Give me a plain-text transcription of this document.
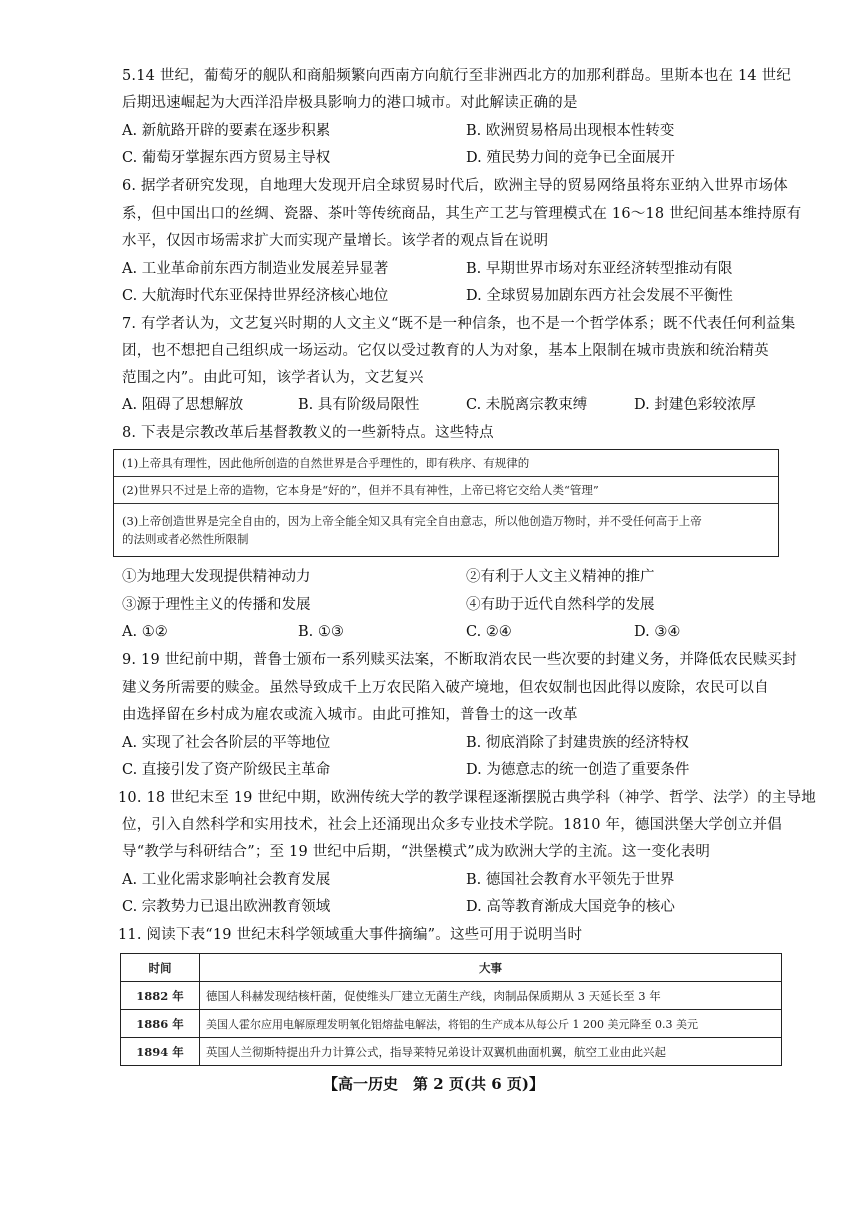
5.14 世纪，葡萄牙的舰队和商船频繁向西南方向航行至非洲西北方的加那利群岛。里斯本也在 14 世纪
后期迅速崛起为大西洋沿岸极具影响力的港口城市。对此解读正确的是
A. 新航路开辟的要素在逐步积累	B. 欧洲贸易格局出现根本性转变
C. 葡萄牙掌握东西方贸易主导权	D. 殖民势力间的竞争已全面展开
6. 据学者研究发现，自地理大发现开启全球贸易时代后，欧洲主导的贸易网络虽将东亚纳入世界市场体
系，但中国出口的丝绸、瓷器、茶叶等传统商品，其生产工艺与管理模式在 16～18 世纪间基本维持原有
水平，仅因市场需求扩大而实现产量增长。该学者的观点旨在说明
A. 工业革命前东西方制造业发展差异显著	B. 早期世界市场对东亚经济转型推动有限
C. 大航海时代东亚保持世界经济核心地位	D. 全球贸易加剧东西方社会发展不平衡性
7. 有学者认为，文艺复兴时期的人文主义“既不是一种信条，也不是一个哲学体系；既不代表任何利益集
团，也不想把自己组织成一场运动。它仅以受过教育的人为对象，基本上限制在城市贵族和统治精英
范围之内”。由此可知，该学者认为，文艺复兴
A. 阻碍了思想解放	B. 具有阶级局限性	C. 未脱离宗教束缚	D. 封建色彩较浓厚
8. 下表是宗教改革后基督教教义的一些新特点。这些特点
(1)上帝具有理性，因此他所创造的自然世界是合乎理性的，即有秩序、有规律的
(2)世界只不过是上帝的造物，它本身是“好的”，但并不具有神性，上帝已将它交给人类“管理”
(3)上帝创造世界是完全自由的，因为上帝全能全知又具有完全自由意志，所以他创造万物时，并不受任何高于上帝
的法则或者必然性所限制
①为地理大发现提供精神动力	②有利于人文主义精神的推广
③源于理性主义的传播和发展	④有助于近代自然科学的发展
A. ①②	B. ①③	C. ②④	D. ③④
9. 19 世纪前中期，普鲁士颁布一系列赎买法案，不断取消农民一些次要的封建义务，并降低农民赎买封
建义务所需要的赎金。虽然导致成千上万农民陷入破产境地，但农奴制也因此得以废除，农民可以自
由选择留在乡村成为雇农或流入城市。由此可推知，普鲁士的这一改革
A. 实现了社会各阶层的平等地位	B. 彻底消除了封建贵族的经济特权
C. 直接引发了资产阶级民主革命	D. 为德意志的统一创造了重要条件
10. 18 世纪末至 19 世纪中期，欧洲传统大学的教学课程逐渐摆脱古典学科（神学、哲学、法学）的主导地
位，引入自然科学和实用技术，社会上还涌现出众多专业技术学院。1810 年，德国洪堡大学创立并倡
导“教学与科研结合”；至 19 世纪中后期，“洪堡模式”成为欧洲大学的主流。这一变化表明
A. 工业化需求影响社会教育发展	B. 德国社会教育水平领先于世界
C. 宗教势力已退出欧洲教育领域	D. 高等教育渐成大国竞争的核心
11. 阅读下表“19 世纪末科学领域重大事件摘编”。这些可用于说明当时
时间	大事
1882 年	德国人科赫发现结核杆菌，促使维头厂建立无菌生产线，肉制品保质期从 3 天延长至 3 年
1886 年	美国人霍尔应用电解原理发明氧化铝熔盐电解法，将铝的生产成本从每公斤 1 200 美元降至 0.3 美元
1894 年	英国人兰彻斯特提出升力计算公式，指导莱特兄弟设计双翼机曲面机翼，航空工业由此兴起
【高一历史　第 2 页(共 6 页)】
